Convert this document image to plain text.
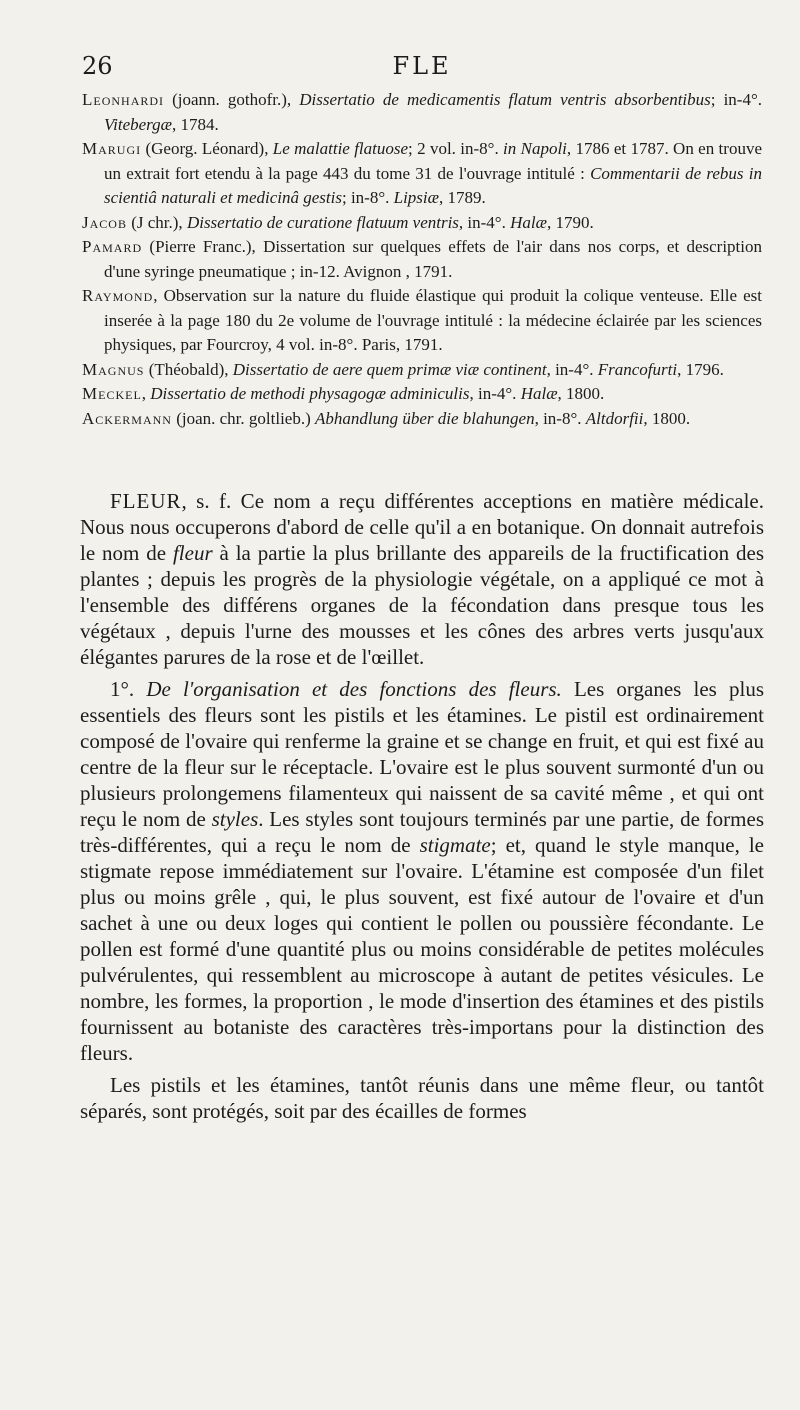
26	FLE

Leonhardi (joann. gothofr.), Dissertatio de medicamentis flatum ventris absorbentibus; in-4°. Vitebergæ, 1784.

Marugi (Georg. Léonard), Le malattie flatuose; 2 vol. in-8°. in Napoli, 1786 et 1787. On en trouve un extrait fort etendu à la page 443 du tome 31 de l'ouvrage intitulé : Commentarii de rebus in scientiâ naturali et medicinâ gestis; in-8°. Lipsiæ, 1789.

Jacob (J chr.), Dissertatio de curatione flatuum ventris, in-4°. Halæ, 1790.

Pamard (Pierre Franc.), Dissertation sur quelques effets de l'air dans nos corps, et description d'une syringe pneumatique ; in-12. Avignon , 1791.

Raymond, Observation sur la nature du fluide élastique qui produit la colique venteuse. Elle est inserée à la page 180 du 2e volume de l'ouvrage intitulé : la médecine éclairée par les sciences physiques, par Fourcroy, 4 vol. in-8°. Paris, 1791.

Magnus (Théobald), Dissertatio de aere quem primæ viæ continent, in-4°. Francofurti, 1796.

Meckel, Dissertatio de methodi physagogæ adminiculis, in-4°. Halæ, 1800.

Ackermann (joan. chr. goltlieb.) Abhandlung über die blahungen, in-8°. Altdorfii, 1800.

FLEUR, s. f. Ce nom a reçu différentes acceptions en matière médicale. Nous nous occuperons d'abord de celle qu'il a en botanique. On donnait autrefois le nom de fleur à la partie la plus brillante des appareils de la fructification des plantes ; depuis les progrès de la physiologie végétale, on a appliqué ce mot à l'ensemble des différens organes de la fécondation dans presque tous les végétaux , depuis l'urne des mousses et les cônes des arbres verts jusqu'aux élégantes parures de la rose et de l'œillet.

1°. De l'organisation et des fonctions des fleurs. Les organes les plus essentiels des fleurs sont les pistils et les étamines. Le pistil est ordinairement composé de l'ovaire qui renferme la graine et se change en fruit, et qui est fixé au centre de la fleur sur le réceptacle. L'ovaire est le plus souvent surmonté d'un ou plusieurs prolongemens filamenteux qui naissent de sa cavité même , et qui ont reçu le nom de styles. Les styles sont toujours terminés par une partie, de formes très-différentes, qui a reçu le nom de stigmate; et, quand le style manque, le stigmate repose immédiatement sur l'ovaire. L'étamine est composée d'un filet plus ou moins grêle , qui, le plus souvent, est fixé autour de l'ovaire et d'un sachet à une ou deux loges qui contient le pollen ou poussière fécondante. Le pollen est formé d'une quantité plus ou moins considérable de petites molécules pulvérulentes, qui ressemblent au microscope à autant de petites vésicules. Le nombre, les formes, la proportion , le mode d'insertion des étamines et des pistils fournissent au botaniste des caractères très-importans pour la distinction des fleurs.

Les pistils et les étamines, tantôt réunis dans une même fleur, ou tantôt séparés, sont protégés, soit par des écailles de formes
